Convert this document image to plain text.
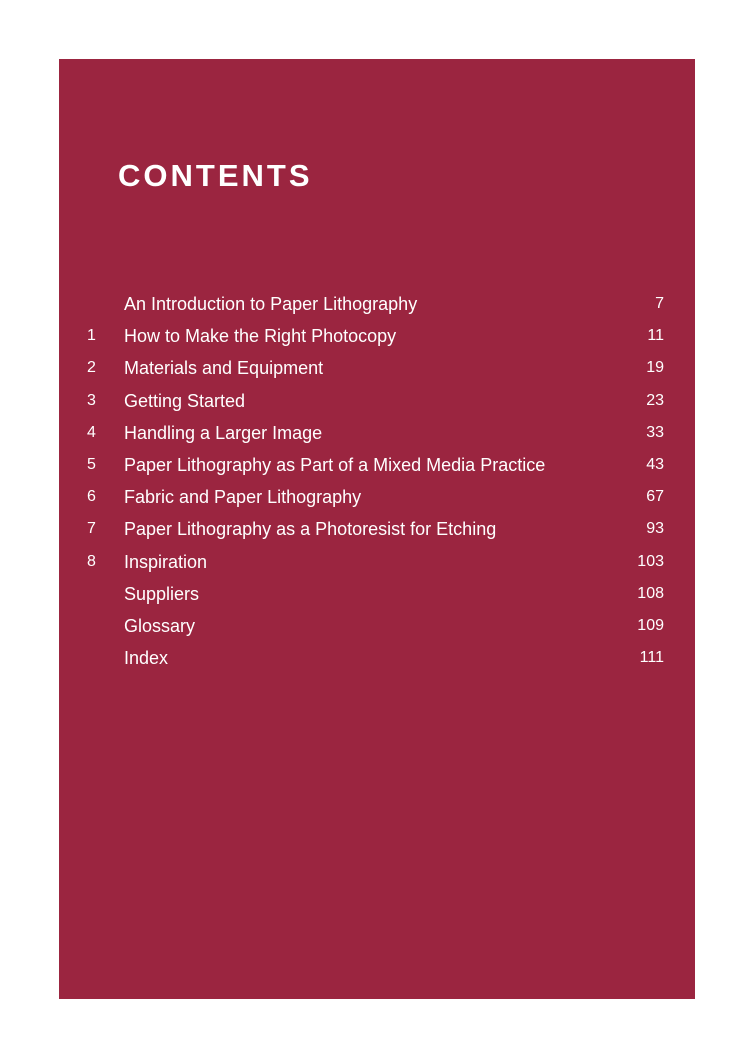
CONTENTS
An Introduction to Paper Lithography	7
1	How to Make the Right Photocopy	11
2	Materials and Equipment	19
3	Getting Started	23
4	Handling a Larger Image	33
5	Paper Lithography as Part of a Mixed Media Practice	43
6	Fabric and Paper Lithography	67
7	Paper Lithography as a Photoresist for Etching	93
8	Inspiration	103
Suppliers	108
Glossary	109
Index	111
